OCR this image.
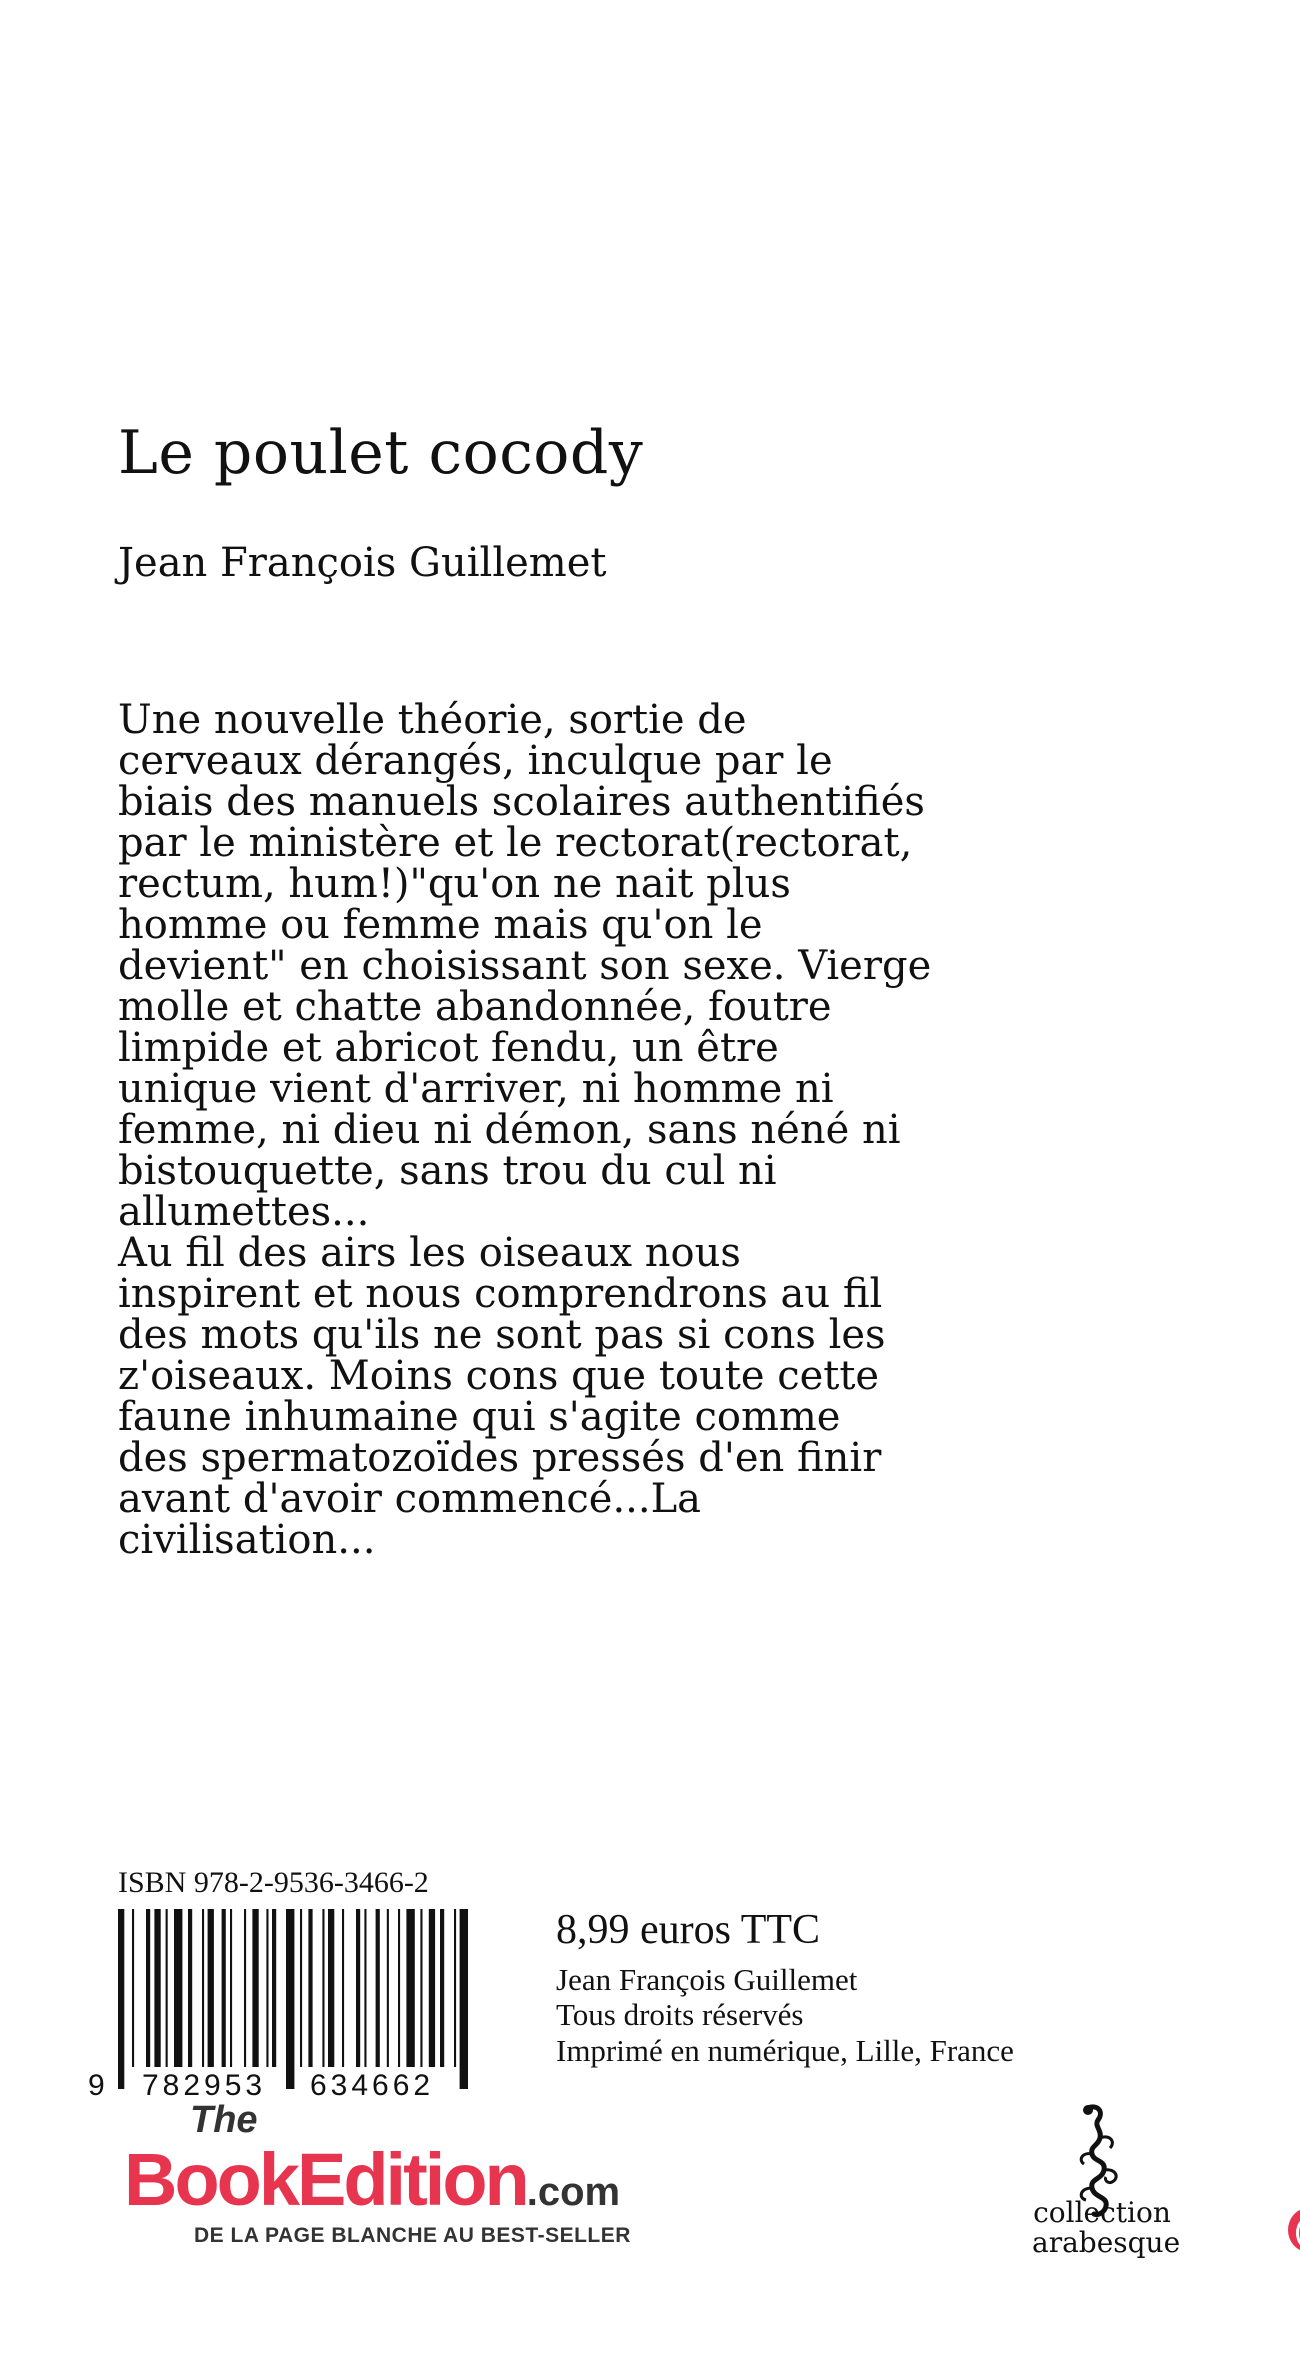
Le poulet cocody
Jean François Guillemet

Une nouvelle théorie, sortie de

cerveaux dérangés, inculque par le

biais des manuels scolaires authentifiés

par le ministère et le rectorat(rectorat,

rectum, hum!)"qu'on ne nait plus

homme ou femme mais qu'on le

devient" en choisissant son sexe. Vierge

molle et chatte abandonnée, foutre

limpide et abricot fendu, un être

unique vient d'arriver, ni homme ni

femme, ni dieu ni démon, sans néné ni

bistouquette, sans trou du cul ni

allumettes...

Au fil des airs les oiseaux nous

inspirent et nous comprendrons au fil

des mots qu'ils ne sont pas si cons les

z'oiseaux. Moins cons que toute cette

faune inhumaine qui s'agite comme

des spermatozoïdes pressés d'en finir

avant d'avoir commencé...La

civilisation...

ISBN 978-2-9536-3466-2
9 782953 634662
8,99 euros TTC
Jean François Guillemet
Tous droits réservés
Imprimé en numérique, Lille, France
The
BookEdition.com
DE LA PAGE BLANCHE AU BEST-SELLER
collection
arabesque
